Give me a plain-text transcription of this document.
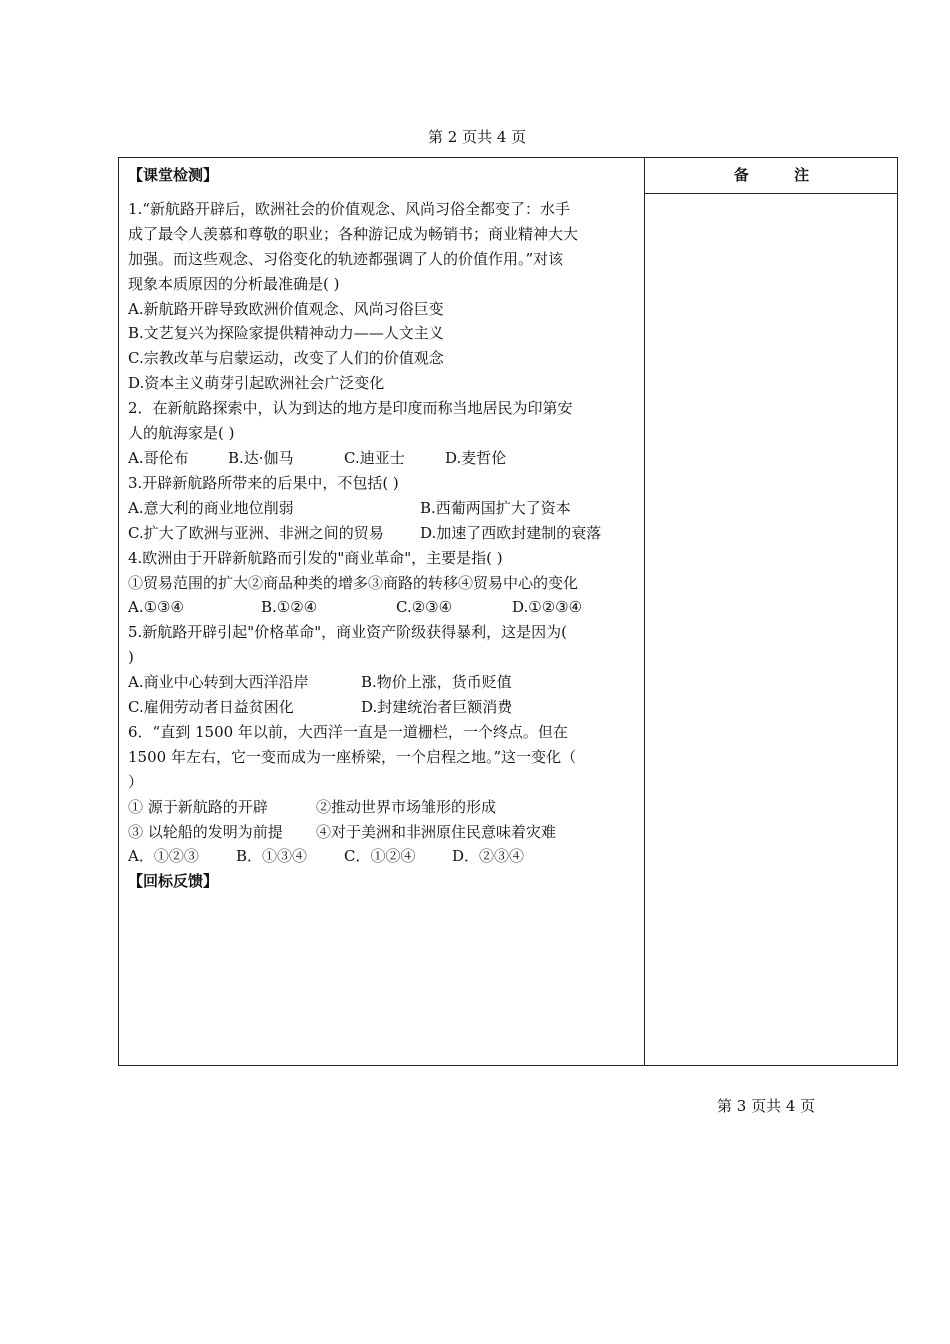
第 2 页共 4 页
备 注
【课堂检测】
1.“新航路开辟后，欧洲社会的价值观念、风尚习俗全都变了：水手
成了最令人羡慕和尊敬的职业；各种游记成为畅销书；商业精神大大
加强。而这些观念、习俗变化的轨迹都强调了人的价值作用。”对该
现象本质原因的分析最准确是( )
A.新航路开辟导致欧洲价值观念、风尚习俗巨变
B.文艺复兴为探险家提供精神动力——人文主义
C.宗教改革与启蒙运动，改变了人们的价值观念
D.资本主义萌芽引起欧洲社会广泛变化
2．在新航路探索中，认为到达的地方是印度而称当地居民为印第安
人的航海家是( )
A.哥伦布	B.达·伽马	C.迪亚士	D.麦哲伦
3.开辟新航路所带来的后果中，不包括( )
A.意大利的商业地位削弱	B.西葡两国扩大了资本
C.扩大了欧洲与亚洲、非洲之间的贸易 D.加速了西欧封建制的衰落
4.欧洲由于开辟新航路而引发的"商业革命"，主要是指( )
①贸易范围的扩大②商品种类的增多③商路的转移④贸易中心的变化
A.①③④	B.①②④	C.②③④	D.①②③④
5.新航路开辟引起"价格革命"，商业资产阶级获得暴利，这是因为(
)
A.商业中心转到大西洋沿岸	B.物价上涨，货币贬值
C.雇佣劳动者日益贫困化	D.封建统治者巨额消费
6．“直到 1500 年以前，大西洋一直是一道栅栏，一个终点。但在
1500 年左右，它一变而成为一座桥梁，一个启程之地。”这一变化（
）
① 源于新航路的开辟	②推动世界市场雏形的形成
③ 以轮船的发明为前提 ④对于美洲和非洲原住民意味着灾难
A．①②③ B．①③④ C．①②④ D．②③④
【回标反馈】
第 3 页共 4 页
